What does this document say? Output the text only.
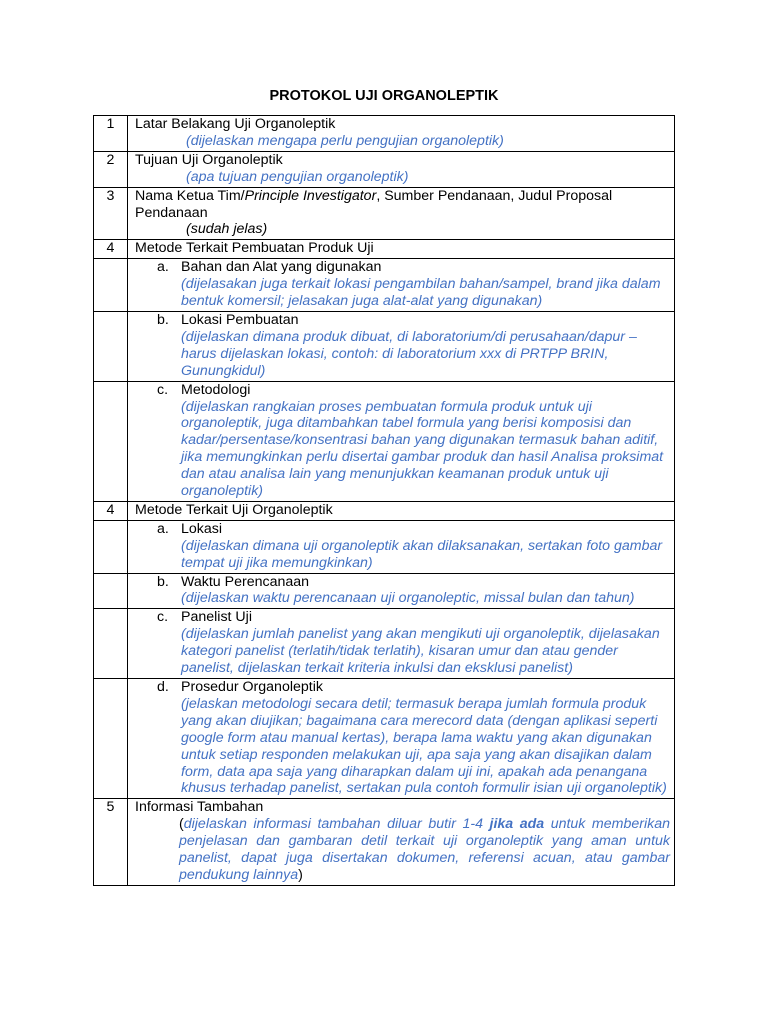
PROTOKOL UJI ORGANOLEPTIK
1	Latar Belakang Uji Organoleptik
(dijelaskan mengapa perlu pengujian organoleptik)

2	Tujuan Uji Organoleptik
(apa tujuan pengujian organoleptik)

3	Nama Ketua Tim/Principle Investigator, Sumber Pendanaan, Judul Proposal Pendanaan
(sudah jelas)

4	Metode Terkait Pembuatan Produk Uji

	a. Bahan dan Alat yang digunakan
(dijelasakan juga terkait lokasi pengambilan bahan/sampel, brand jika dalam bentuk komersil; jelasakan juga alat-alat yang digunakan)

	b. Lokasi Pembuatan
(dijelaskan dimana produk dibuat, di laboratorium/di perusahaan/dapur – harus dijelaskan lokasi, contoh: di laboratorium xxx di PRTPP BRIN, Gunungkidul)

	c. Metodologi
(dijelaskan rangkaian proses pembuatan formula produk untuk uji organoleptik, juga ditambahkan tabel formula yang berisi komposisi dan kadar/persentase/konsentrasi bahan yang digunakan termasuk bahan aditif, jika memungkinkan perlu disertai gambar produk dan hasil Analisa proksimat dan atau analisa lain yang menunjukkan keamanan produk untuk uji organoleptik)

4	Metode Terkait Uji Organoleptik

	a. Lokasi
(dijelaskan dimana uji organoleptik akan dilaksanakan, sertakan foto gambar tempat uji jika memungkinkan)

	b. Waktu Perencanaan
(dijelaskan waktu perencanaan uji organoleptic, missal bulan dan tahun)

	c. Panelist Uji
(dijelaskan jumlah panelist yang akan mengikuti uji organoleptik, dijelasakan kategori panelist (terlatih/tidak terlatih), kisaran umur dan atau gender panelist, dijelaskan terkait kriteria inkulsi dan eksklusi panelist)

	d. Prosedur Organoleptik
(jelaskan metodologi secara detil; termasuk berapa jumlah formula produk yang akan diujikan; bagaimana cara merecord data (dengan aplikasi seperti google form atau manual kertas), berapa lama waktu yang akan digunakan untuk setiap responden melakukan uji, apa saja yang akan disajikan dalam form, data apa saja yang diharapkan dalam uji ini, apakah ada penangana khusus terhadap panelist, sertakan pula contoh formulir isian uji organoleptik)

5	Informasi Tambahan
(dijelaskan informasi tambahan diluar butir 1-4 jika ada untuk memberikan penjelasan dan gambaran detil terkait uji organoleptik yang aman untuk panelist, dapat juga disertakan dokumen, referensi acuan, atau gambar pendukung lainnya)
